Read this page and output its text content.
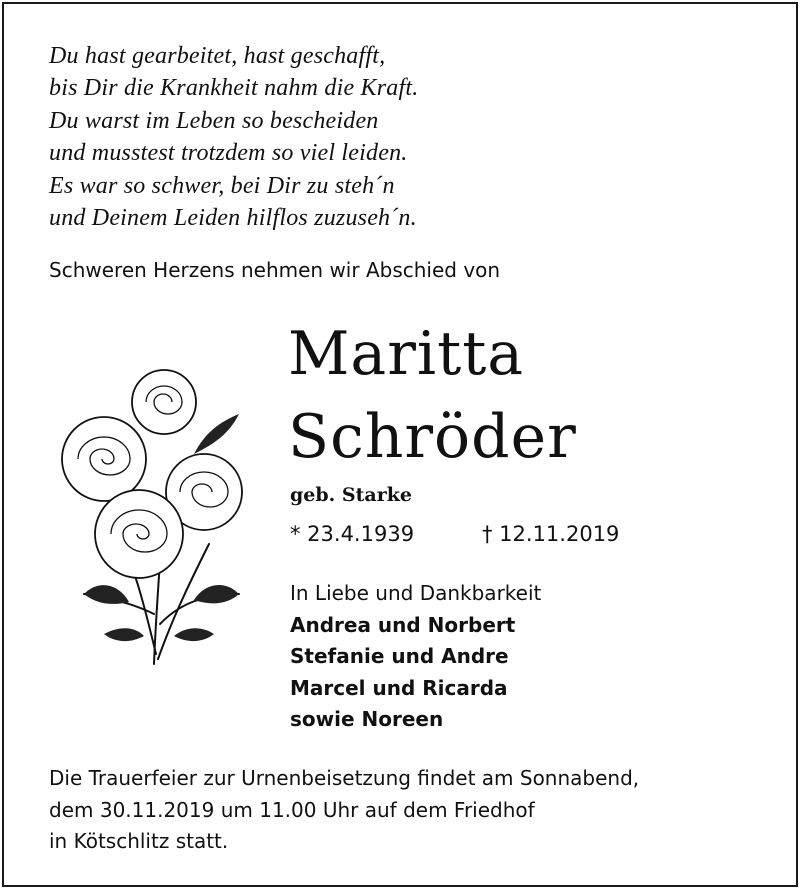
Du hast gearbeitet, hast geschafft,
bis Dir die Krankheit nahm die Kraft.
Du warst im Leben so bescheiden
und musstest trotzdem so viel leiden.
Es war so schwer, bei Dir zu steh´n
und Deinem Leiden hilflos zuzuseh´n.
Schweren Herzens nehmen wir Abschied von
Maritta
Schröder
geb. Starke
* 23.4.1939	† 12.11.2019
In Liebe und Dankbarkeit
Andrea und Norbert
Stefanie und Andre
Marcel und Ricarda
sowie Noreen
Die Trauerfeier zur Urnenbeisetzung findet am Sonnabend,
dem 30.11.2019 um 11.00 Uhr auf dem Friedhof
in Kötschlitz statt.
